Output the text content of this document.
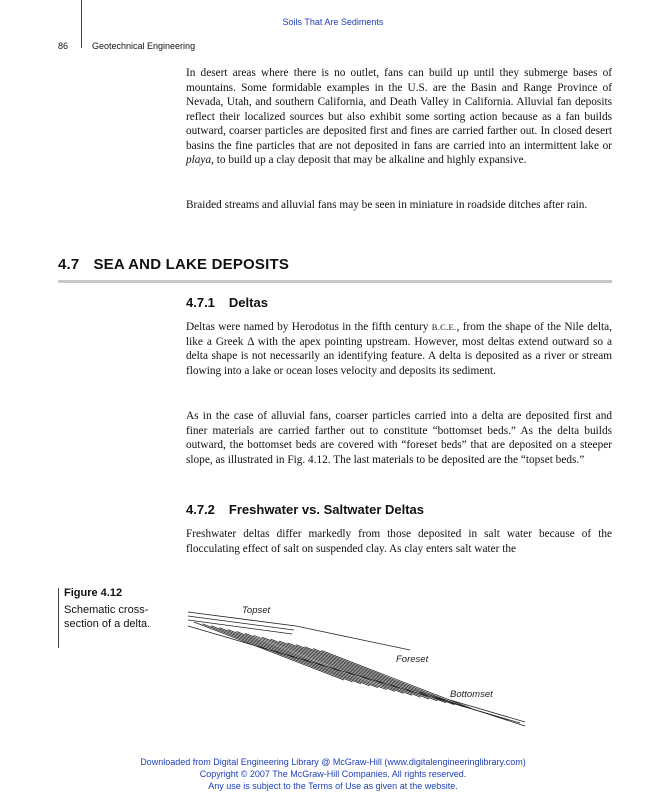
Soils That Are Sediments
86	Geotechnical Engineering

In desert areas where there is no outlet, fans can build up until they submerge bases of mountains. Some formidable examples in the U.S. are the Basin and Range Province of Nevada, Utah, and southern California, and Death Valley in California. Alluvial fan deposits reflect their localized sources but also exhibit some sorting action because as a fan builds outward, coarser particles are deposited first and fines are carried farther out. In closed desert basins the fine particles that are not deposited in fans are carried into an intermittent lake or playa, to build up a clay deposit that may be alkaline and highly expansive.

Braided streams and alluvial fans may be seen in miniature in roadside ditches after rain.

4.7 SEA AND LAKE DEPOSITS
4.7.1 Deltas

Deltas were named by Herodotus in the fifth century B.C.E., from the shape of the Nile delta, like a Greek Δ with the apex pointing upstream. However, most deltas extend outward so a delta shape is not necessarily an identifying feature. A delta is deposited as a river or stream flowing into a lake or ocean loses velocity and deposits its sediment.

As in the case of alluvial fans, coarser particles carried into a delta are deposited first and finer materials are carried farther out to constitute “bottomset beds.” As the delta builds outward, the bottomset beds are covered with “foreset beds” that are deposited on a steeper slope, as illustrated in Fig. 4.12. The last materials to be deposited are the “topset beds.”

4.7.2 Freshwater vs. Saltwater Deltas

Freshwater deltas differ markedly from those deposited in salt water because of the flocculating effect of salt on suspended clay. As clay enters salt water the

Figure 4.12
Schematic cross-section of a delta.
Topset
Foreset
Bottomset
Downloaded from Digital Engineering Library @ McGraw-Hill (www.digitalengineeringlibrary.com)
Copyright © 2007 The McGraw-Hill Companies. All rights reserved.
Any use is subject to the Terms of Use as given at the website.
